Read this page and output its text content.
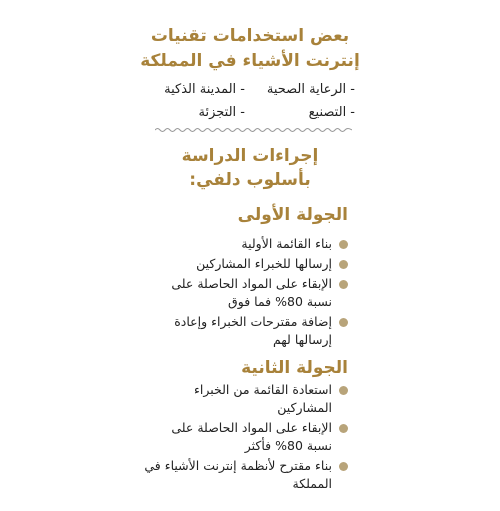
بعض استخدامات تقنيات
إنترنت الأشياء في المملكة
- الرعاية الصحية
- المدينة الذكية
- التصنيع
- التجزئة
إجراءات الدراسة
بأسلوب دلفي:
الجولة الأولى
بناء القائمة الأولية
إرسالها للخبراء المشاركين
الإبقاء على المواد الحاصلة على نسبة 80% فما فوق
إضافة مقترحات الخبراء وإعادة إرسالها لهم
الجولة الثانية
استعادة القائمة من الخبراء المشاركين
الإبقاء على المواد الحاصلة على نسبة 80% فأكثر
بناء مقترح لأنظمة إنترنت الأشياء في المملكة
